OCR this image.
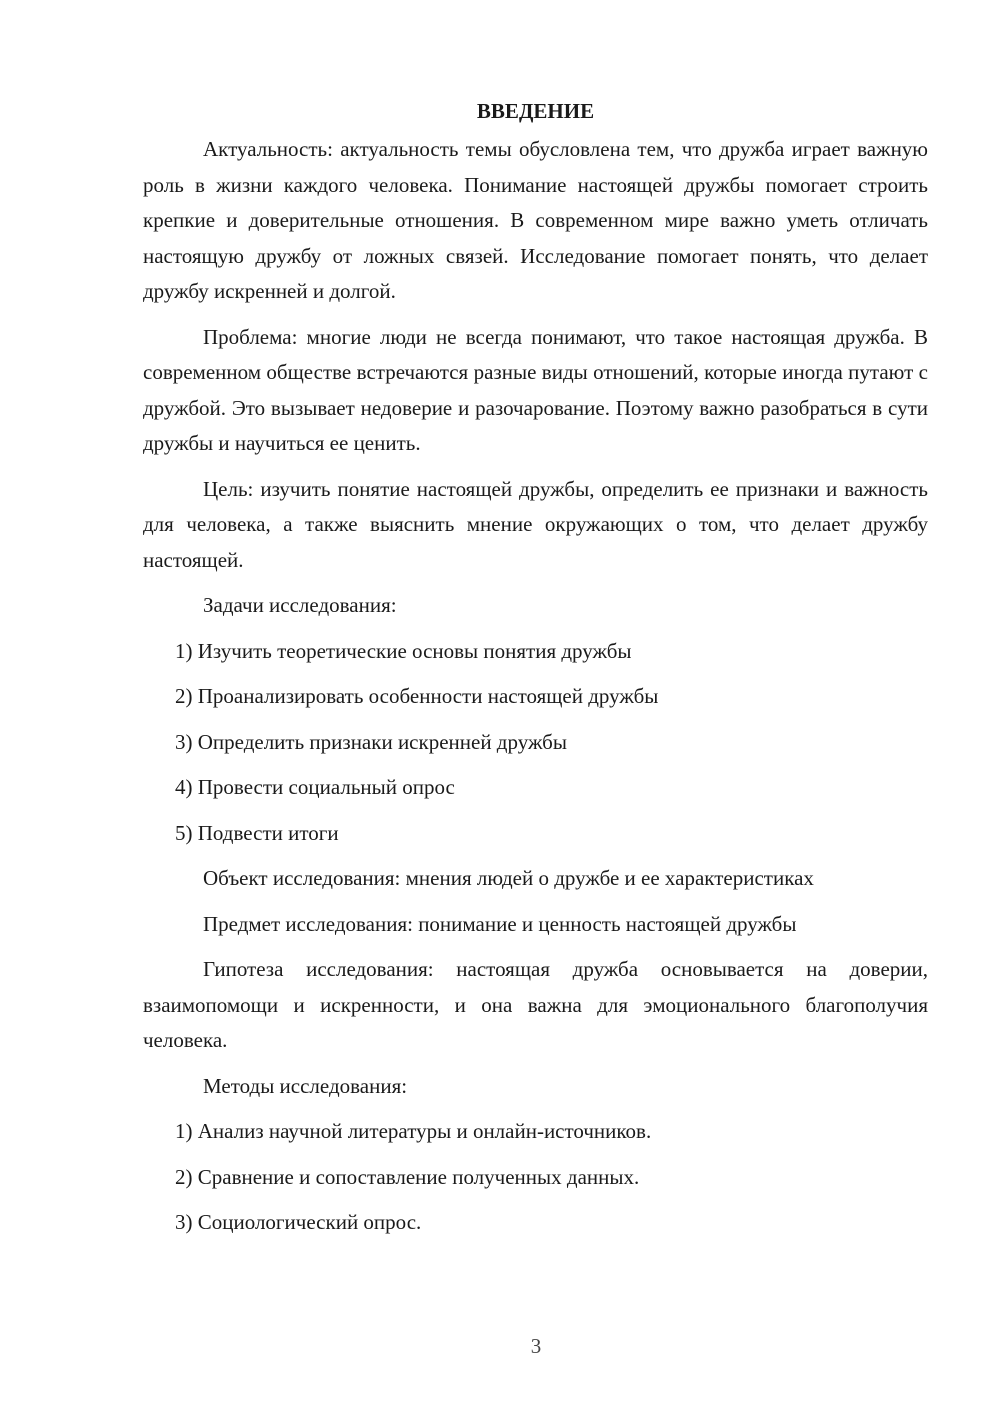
ВВЕДЕНИЕ

Актуальность: актуальность темы обусловлена тем, что дружба играет важную роль в жизни каждого человека. Понимание настоящей дружбы помогает строить крепкие и доверительные отношения. В современном мире важно уметь отличать настоящую дружбу от ложных связей. Исследование помогает понять, что делает дружбу искренней и долгой.

Проблема: многие люди не всегда понимают, что такое настоящая дружба. В современном обществе встречаются разные виды отношений, которые иногда путают с дружбой. Это вызывает недоверие и разочарование. Поэтому важно разобраться в сути дружбы и научиться ее ценить.

Цель: изучить понятие настоящей дружбы, определить ее признаки и важность для человека, а также выяснить мнение окружающих о том, что делает дружбу настоящей.

Задачи исследования:
1) Изучить теоретические основы понятия дружбы
2) Проанализировать особенности настоящей дружбы
3) Определить признаки искренней дружбы
4) Провести социальный опрос
5) Подвести итоги
Объект исследования: мнения людей о дружбе и ее характеристиках
Предмет исследования: понимание и ценность настоящей дружбы

Гипотеза исследования: настоящая дружба основывается на доверии, взаимопомощи и искренности, и она важна для эмоционального благополучия человека.

Методы исследования:
1) Анализ научной литературы и онлайн-источников.
2) Сравнение и сопоставление полученных данных.
3) Социологический опрос.
3
